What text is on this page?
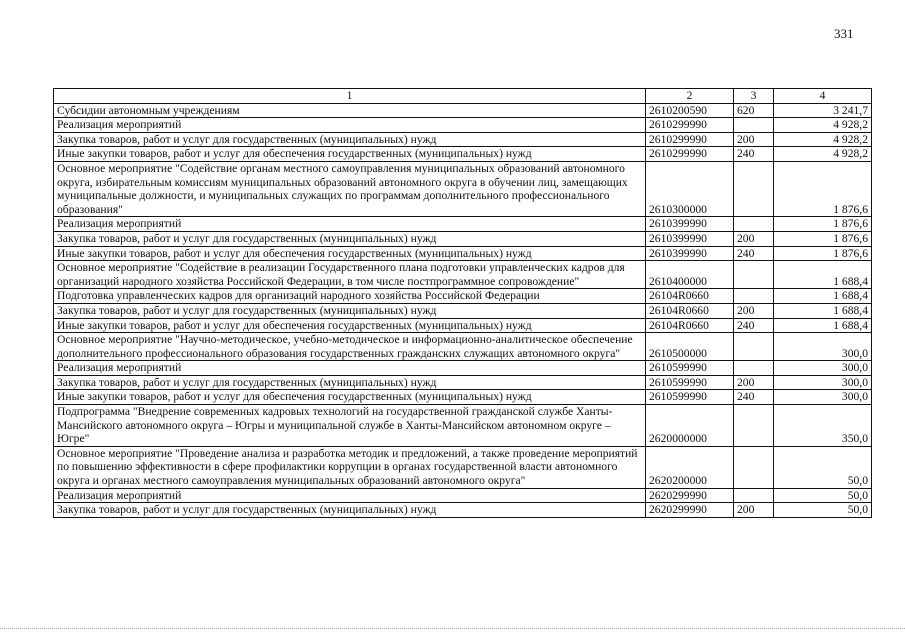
331
1	2	3	4
Субсидии автономным учреждениям	2610200590	620	3 241,7
Реализация мероприятий	2610299990		4 928,2
Закупка товаров, работ и услуг для государственных (муниципальных) нужд	2610299990	200	4 928,2
Иные закупки товаров, работ и услуг для обеспечения государственных (муниципальных) нужд	2610299990	240	4 928,2
Основное мероприятие "Содействие органам местного самоуправления муниципальных образований автономного округа, избирательным комиссиям муниципальных образований автономного округа в обучении лиц, замещающих муниципальные должности, и муниципальных служащих по программам дополнительного профессионального образования"	2610300000		1 876,6
Реализация мероприятий	2610399990		1 876,6
Закупка товаров, работ и услуг для государственных (муниципальных) нужд	2610399990	200	1 876,6
Иные закупки товаров, работ и услуг для обеспечения государственных (муниципальных) нужд	2610399990	240	1 876,6
Основное мероприятие "Содействие в реализации Государственного плана подготовки управленческих кадров для организаций народного хозяйства Российской Федерации, в том числе постпрограммное сопровождение"	2610400000		1 688,4
Подготовка управленческих кадров для организаций народного хозяйства Российской Федерации	26104R0660		1 688,4
Закупка товаров, работ и услуг для государственных (муниципальных) нужд	26104R0660	200	1 688,4
Иные закупки товаров, работ и услуг для обеспечения государственных (муниципальных) нужд	26104R0660	240	1 688,4
Основное мероприятие "Научно-методическое, учебно-методическое и информационно-аналитическое обеспечение дополнительного профессионального образования государственных гражданских служащих автономного округа"	2610500000		300,0
Реализация мероприятий	2610599990		300,0
Закупка товаров, работ и услуг для государственных (муниципальных) нужд	2610599990	200	300,0
Иные закупки товаров, работ и услуг для обеспечения государственных (муниципальных) нужд	2610599990	240	300,0
Подпрограмма "Внедрение современных кадровых технологий на государственной гражданской службе Ханты-Мансийского автономного округа – Югры и муниципальной службе в Ханты-Мансийском автономном округе – Югре"	2620000000		350,0
Основное мероприятие "Проведение анализа и разработка методик и предложений, а также проведение мероприятий по повышению эффективности в сфере профилактики коррупции в органах государственной власти автономного округа и органах местного самоуправления муниципальных образований автономного округа"	2620200000		50,0
Реализация мероприятий	2620299990		50,0
Закупка товаров, работ и услуг для государственных (муниципальных) нужд	2620299990	200	50,0
